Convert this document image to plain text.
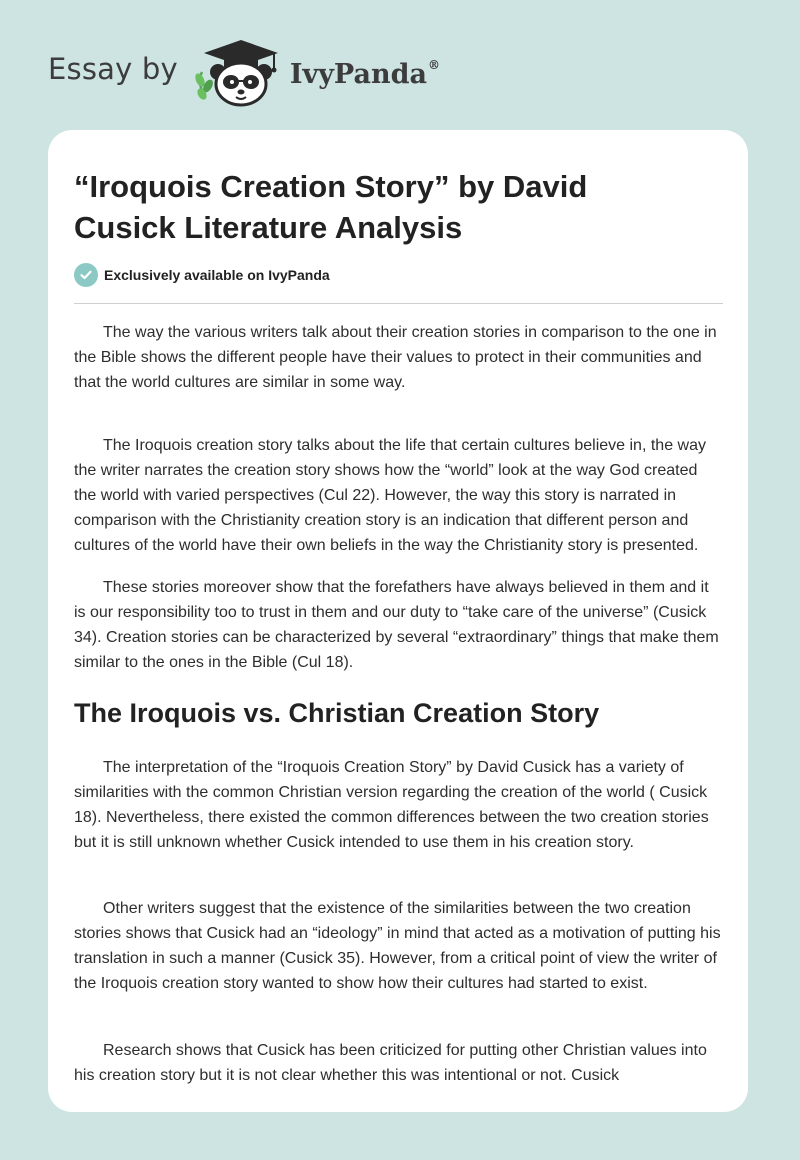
Essay by	IvyPanda®
“Iroquois Creation Story” by David Cusick Literature Analysis
Exclusively available on IvyPanda

The way the various writers talk about their creation stories in comparison to the one in the Bible shows the different people have their values to protect in their communities and that the world cultures are similar in some way.

The Iroquois creation story talks about the life that certain cultures believe in, the way the writer narrates the creation story shows how the “world” look at the way God created the world with varied perspectives (Cul 22). However, the way this story is narrated in comparison with the Christianity creation story is an indication that different person and cultures of the world have their own beliefs in the way the Christianity story is presented.

These stories moreover show that the forefathers have always believed in them and it is our responsibility too to trust in them and our duty to “take care of the universe” (Cusick 34). Creation stories can be characterized by several “extraordinary” things that make them similar to the ones in the Bible (Cul 18).

The Iroquois vs. Christian Creation Story

The interpretation of the “Iroquois Creation Story” by David Cusick has a variety of similarities with the common Christian version regarding the creation of the world ( Cusick 18). Nevertheless, there existed the common differences between the two creation stories but it is still unknown whether Cusick intended to use them in his creation story.

Other writers suggest that the existence of the similarities between the two creation stories shows that Cusick had an “ideology” in mind that acted as a motivation of putting his translation in such a manner (Cusick 35). However, from a critical point of view the writer of the Iroquois creation story wanted to show how their cultures had started to exist.

Research shows that Cusick has been criticized for putting other Christian values into his creation story but it is not clear whether this was intentional or not. Cusick
